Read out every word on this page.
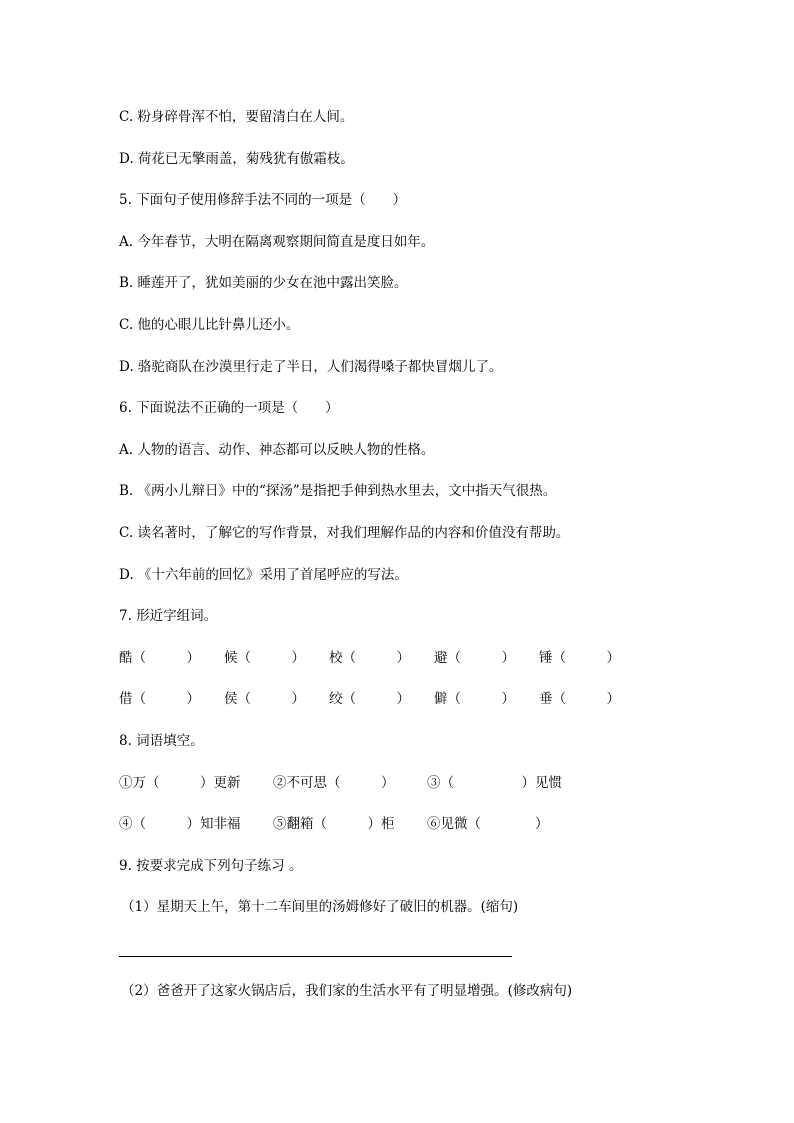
C. 粉身碎骨浑不怕，要留清白在人间。
D. 荷花已无擎雨盖，菊残犹有傲霜枝。
5. 下面句子使用修辞手法不同的一项是（　　）
A. 今年春节，大明在隔离观察期间简直是度日如年。
B. 睡莲开了，犹如美丽的少女在池中露出笑脸。
C. 他的心眼儿比针鼻儿还小。
D. 骆驼商队在沙漠里行走了半日，人们渴得嗓子都快冒烟儿了。
6. 下面说法不正确的一项是（　　）
A. 人物的语言、动作、神态都可以反映人物的性格。
B. 《两小儿辩日》中的“探汤”是指把手伸到热水里去，文中指天气很热。
C. 读名著时，了解它的写作背景，对我们理解作品的内容和价值没有帮助。
D. 《十六年前的回忆》采用了首尾呼应的写法。
7. 形近字组词。
酷（　　　） 候（　　　） 校（　　　） 避（　　　） 锤（　　　）
借（　　　） 侯（　　　） 绞（　　　） 僻（　　　） 垂（　　　）
8. 词语填空。
①万（　　　）更新 ②不可思（　　　） ③（　　　　　）见惯
④（　　　）知非福 ⑤翻箱（　　　）柜 ⑥见微（　　　　）
9. 按要求完成下列句子练习 。
（1）星期天上午，第十二车间里的汤姆修好了破旧的机器。(缩句)
（2）爸爸开了这家火锅店后，我们家的生活水平有了明显增强。(修改病句)
